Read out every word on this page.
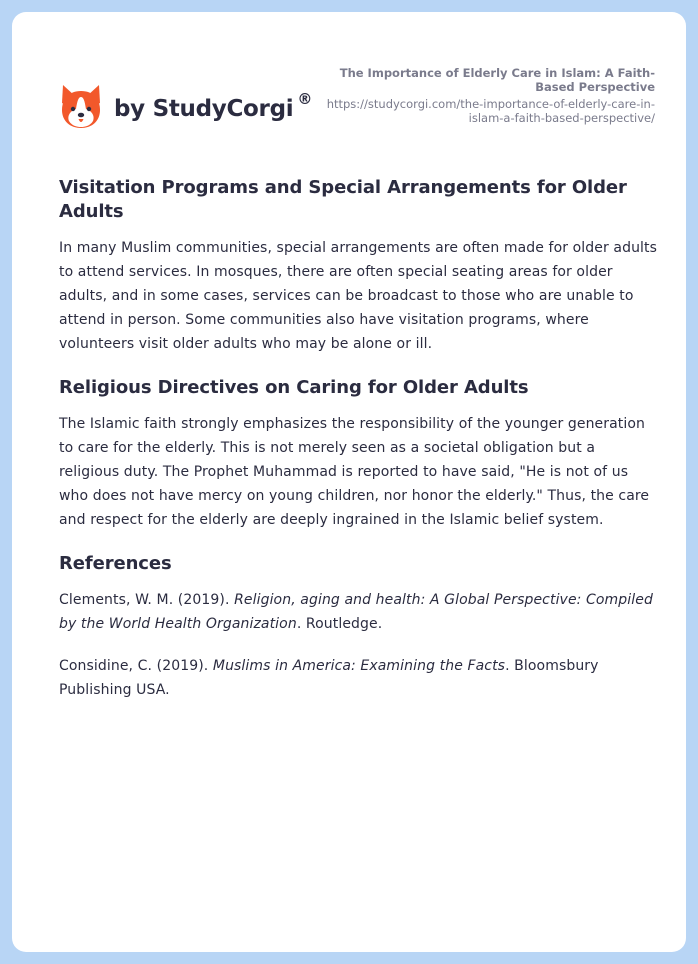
by StudyCorgi ®
The Importance of Elderly Care in Islam: A Faith-Based Perspective
https://studycorgi.com/the-importance-of-elderly-care-in-islam-a-faith-based-perspective/
Visitation Programs and Special Arrangements for Older Adults

In many Muslim communities, special arrangements are often made for older adults to attend services. In mosques, there are often special seating areas for older adults, and in some cases, services can be broadcast to those who are unable to attend in person. Some communities also have visitation programs, where volunteers visit older adults who may be alone or ill.

Religious Directives on Caring for Older Adults

The Islamic faith strongly emphasizes the responsibility of the younger generation to care for the elderly. This is not merely seen as a societal obligation but a religious duty. The Prophet Muhammad is reported to have said, "He is not of us who does not have mercy on young children, nor honor the elderly." Thus, the care and respect for the elderly are deeply ingrained in the Islamic belief system.

References

Clements, W. M. (2019). Religion, aging and health: A Global Perspective: Compiled by the World Health Organization. Routledge.

Considine, C. (2019). Muslims in America: Examining the Facts. Bloomsbury Publishing USA.
